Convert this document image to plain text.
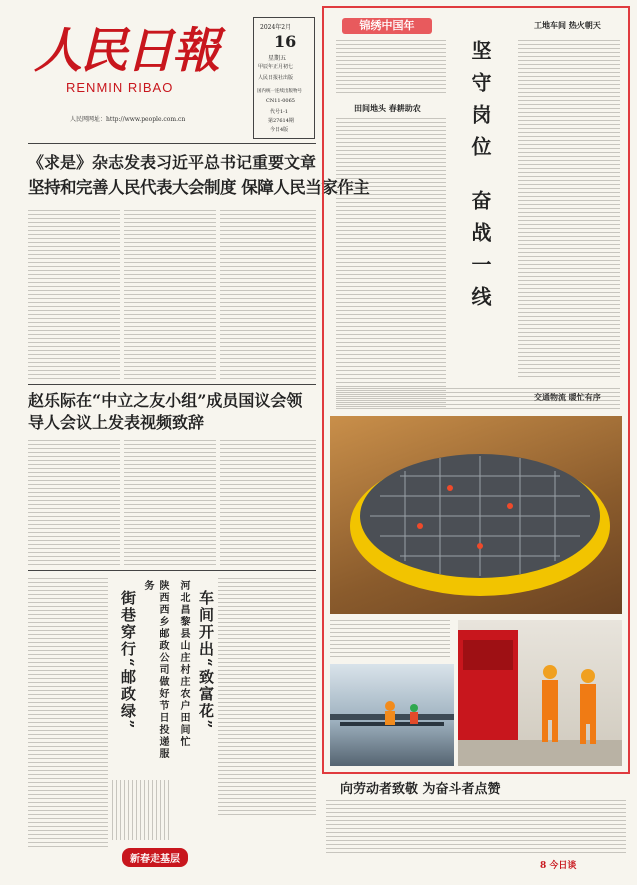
人民日報
RENMIN RIBAO
人民网网址：http://www.people.com.cn
2024年2月
16
星期五
甲辰年正月初七
人民日报社出版
国内统一连续出版物号
CN11-0065
代号1-1
第27614期
今日4版
《求是》杂志发表习近平总书记重要文章
坚持和完善人民代表大会制度 保障人民当家作主
赵乐际在“中立之友小组”成员国议会领导人会议上发表视频致辞
陕西西乡邮政公司做好节日投递服务
街巷穿行“邮政绿”	河北昌黎县山庄村庄农户田间忙 车间开出“致富花”
新春走基层
锦绣中国年	工地车间 热火朝天
田间地头 春耕助农 坚守岗位
奋战一线
交通物流 暖忙有序
向劳动者致敬 为奋斗者点赞
8 今日谈
